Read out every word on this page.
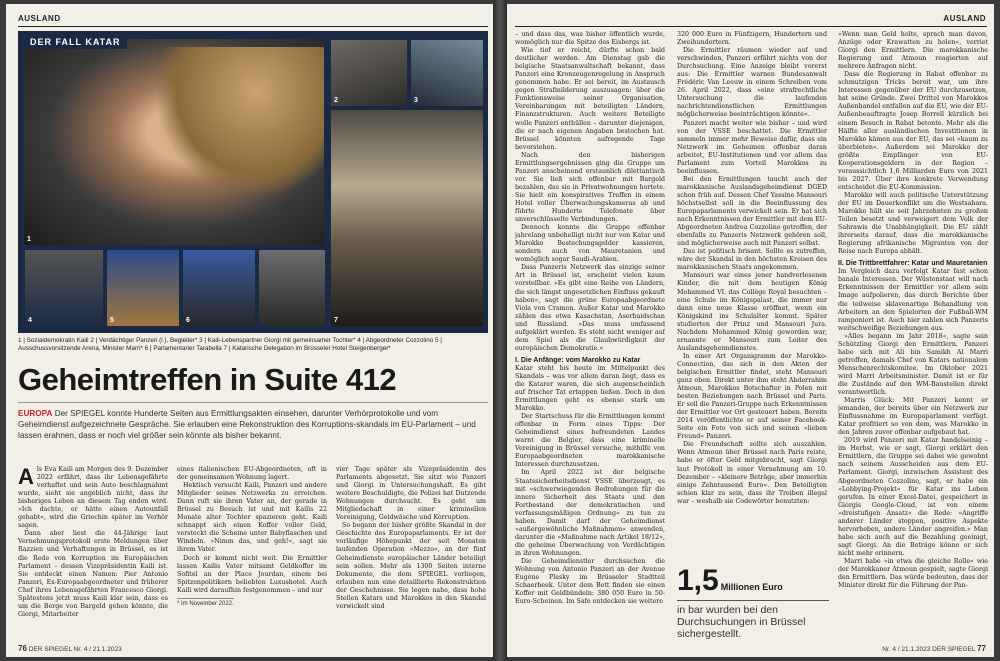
AUSLAND
1
DER FALL KATAR
2	3
7
4	5	6
1 | Sozialdemokratin Kaili 2 | Verdächtiger Panzeri (l.), Begleiter* 3 | Kaili-Lebenspartner Giorgi mit gemeinsamer Tochter* 4 | Abgeordneter Cozzolino 5 | Ausschussvorsitzende Arena, Minister Marri* 6 | Parlamentarier Tarabella 7 | Katarische Delegation im Brüsseler Hotel Steigenberger*
Geheimtreffen in Suite 412
EUROPA Der SPIEGEL konnte Hunderte Seiten aus Ermittlungsakten einsehen, darunter Verhörprotokolle und vom Geheimdienst aufgezeichnete Gespräche. Sie erlauben eine Rekonstruktion des Korruptions-skandals im EU-Parlament – und lassen erahnen, dass er noch viel größer sein könnte als bisher bekannt.

Als Eva Kaili am Morgen des 9. Dezember 2022 erfährt, dass ihr Lebensgefährte verhaftet und sein Auto beschlagnahmt wurde, sieht sie angeblich nicht, dass ihr bisheriges Leben an diesem Tag enden wird. »Ich dachte, er hätte einen Autounfall gehabt«, wird die Griechin später im Verhör sagen.

Dann aber liest die 44-Jährige laut Vernehmungsprotokoll erste Meldungen über Razzien und Verhaftungen in Brüssel, es ist die Rede von Korruption im Europäischen Parlament – dessen Vizepräsidentin Kaili ist. Sie entdeckt einen Namen: Pier Antonio Panzeri, Ex-Europaabgeordneter und früherer Chef ihres Lebensgefährten Francesco Giorgi. Spätestens jetzt muss Kaili klar sein, dass es um die Berge von Bargeld gehen könnte, die Giorgi, Mitarbeiter

eines italienischen EU-Abgeordneten, oft in der gemeinsamen Wohnung lagert.

Hektisch versucht Kaili, Panzeri und andere Mitglieder seines Netzwerks zu erreichen. Dann ruft sie ihren Vater an, der gerade in Brüssel zu Besuch ist und mit Kailis 22 Monate alter Tochter spazieren geht. Kaili schnappt sich einen Koffer voller Geld, versteckt die Scheine unter Babyflaschen und Windeln. »Nimm das, und geh!«, sagt sie ihrem Vater.

Doch er kommt nicht weit. Die Ermittler lassen Kailis Vater mitsamt Geldkoffer im Sofitel an der Place Jourdan, einem bei Spitzenpolitikern beliebten Luxushotel. Auch Kaili wird daraufhin festgenommen – und nur

* Im November 2022.

vier Tage später als Vizepräsidentin des Parlaments abgesetzt. Sie sitzt wie Panzeri und Giorgi in Untersuchungshaft. Es gibt weitere Beschuldigte, die Polizei hat Dutzende Wohnungen durchsucht. Es geht um Mitgliedschaft in einer kriminellen Vereinigung, Geldwäsche und Korruption.

So begann der bisher größte Skandal in der Geschichte des Europaparlaments. Er ist der vorläufige Höhepunkt der seit Monaten laufenden Operation »Mezzo«, an der fünf Geheimdienste europäischer Länder beteiligt sein sollen. Mehr als 1300 Seiten interne Dokumente, die dem SPIEGEL vorliegen, erlauben nun eine detaillierte Rekonstruktion der Geschehnisse. Sie legen nahe, dass hohe Stellen Katars und Marokkos in den Skandal verwickelt sind

76 DER SPIEGEL Nr. 4 / 21.1.2023
AUSLAND

– und dass das, was bisher öffentlich wurde, womöglich nur die Spitze des Eisbergs ist.

Wie tief er reicht, dürfte schon bald deutlicher werden. Am Dienstag gab die belgische Staatsanwaltschaft bekannt, dass Panzeri eine Kronzeugenregelung in Anspruch genommen habe. Er sei bereit, im Austausch gegen Strafmilderung auszusagen: über die Funktionsweise seiner Organisation, Vereinbarungen mit beteiligten Ländern, Finanzstrukturen. Auch weitere Beteiligte wolle Panzeri enthüllen – darunter diejenigen, die er nach eigenen Angaben bestochen hat. Brüssel könnten aufregende Tage bevorstehen.

Nach den bisherigen Ermittlungsergebnissen ging die Gruppe um Panzeri anscheinend erstaunlich dilettantisch vor. Sie ließ sich offenbar mit Bargeld bezahlen, das sie in Privatwohnungen hortete. Sie hielt ein konspiratives Treffen in einem Hotel voller Überwachungskameras ab und führte Hunderte Telefonate über unverschlüsselte Verbindungen.

Dennoch konnte die Gruppe offenbar jahrelang unbehelligt nicht nur von Katar und Marokko Bestechungsgelder kassieren, sondern auch von Mauretanien und womöglich sogar Saudi-Arabien.

Dass Panzeris Netzwerk das einzige seiner Art in Brüssel ist, erscheint vielen kaum vorstellbar. »Es gibt eine Reihe von Ländern, die sich längst ungesetzlichen Einfluss gekauft haben«, sagt die grüne Europaabgeordnete Viola von Cramon. Außer Katar und Marokko zählen das etwa Kasachstan, Aserbaidschan und Russland. »Das muss umfassend aufgeklärt werden. Es steht nicht weniger auf dem Spiel als die Glaubwürdigkeit der europäischen Demokratie.«

I. Die Anfänge: vom Marokko zu Katar

Katar steht bis heute im Mittelpunkt des Skandals – was vor allem daran liegt, dass es die Katarer waren, die sich augenscheinlich auf frischer Tat ertappen ließen. Doch in den Ermittlungen geht es ebenso stark um Marokko.

Der Startschuss für die Ermittlungen kommt offenbar in Form eines Tipps: Der Geheimdienst eines befreundeten Landes warnt die Belgier, dass eine kriminelle Vereinigung in Brüssel versuche, mithilfe von Europaabgeordneten marokkanische Interessen durchzusetzen.

Im April 2022 ist der belgische Staatssicherheitsdienst VSSE überzeugt, es mit »schwerwiegenden Bedrohungen für die innere Sicherheit des Staats und den Fortbestand der demokratischen und verfassungsmäßigen Ordnung« zu tun zu haben. Damit darf der Geheimdienst »außergewöhnliche Maßnahmen« anwenden, darunter die »Maßnahme nach Artikel 18/12«, die geheime Überwachung von Verdächtigen in ihren Wohnungen.

Die Geheimdienstler durchsuchen die Wohnung von Antonio Panzeri an der Avenue Eugène Plasky im Brüsseler Stadtteil Schaerbeek. Unter dem Bett finden sie einen Koffer mit Geldbündeln: 380 050 Euro in 50-Euro-Scheinen. Im Safe entdecken sie weitere

320 000 Euro in Fünfzigern, Hundertern und Zweihundertern.

Die Ermittler räumen wieder auf und verschwinden, Panzeri erfährt nichts von der Durchsuchung. Eine Anzeige bleibt vorerst aus: Die Ermittler warnen Bundesanwalt Frédéric Van Leeuw in einem Schreiben vom 26. April 2022, dass »eine strafrechtliche Untersuchung die laufenden nachrichtendienstlichen Ermittlungen möglicherweise beeinträchtigen könnte«.

Panzeri macht weiter wie bisher – und wird von der VSSE beschattet. Die Ermittler sammeln immer mehr Beweise dafür, dass ein Netzwerk im Geheimen offenbar daran arbeitet, EU-Institutionen und vor allem das Parlament zum Vorteil Marokkos zu beeinflussen.

Bei den Ermittlungen taucht auch der marokkanische Auslandsgeheimdienst DGED schon früh auf. Dessen Chef Yassine Mansouri höchstselbst soll in die Beeinflussung des Europaparlaments verwickelt sein. Er hat sich nach Erkenntnissen der Ermittler mit dem EU-Abgeordneten Andrea Cozzolino getroffen, der ebenfalls zu Panzeris Netzwerk gehören soll, und möglicherweise auch mit Panzeri selbst.

Das ist politisch brisant. Sollte es zutreffen, wäre der Skandal in den höchsten Kreisen des marokkanischen Staats angekommen.

Mansouri war eines jener handverlesenen Kinder, die mit dem heutigen König Mohammed VI. das Collège Royal besuchten – eine Schule im Königspalast, die immer nur dann eine neue Klasse eröffnet, wenn ein Königskind ins Schulalter kommt. Später studierten der Prinz und Mansouri Jura. Nachdem Mohammed König geworden war, ernannte er Mansouri zum Leiter des Auslandsgeheimdienstes.

In einer Art Organigramm der Marokko-Connection, das sich in den Akten der belgischen Ermittler findet, steht Mansouri ganz oben. Direkt unter ihm steht Abderrahim Atmoun, Marokkos Botschafter in Polen mit besten Beziehungen nach Brüssel und Paris. Er soll die Panzeri-Gruppe nach Erkenntnissen der Ermittler vor Ort gesteuert haben. Bereits 2014 veröffentlichte er auf seiner Facebook-Seite ein Foto von sich und seinen »lieben Freund« Panzeri.

Die Freundschaft sollte sich auszahlen. Wenn Atmoun über Brüssel nach Paris reiste, habe er öfter Geld mitgebracht, sagt Giorgi laut Protokoll in einer Vernehmung am 10. Dezember – »kleinere Beträge, aber immerhin einige Zehntausend Euro«. Den Beteiligten schien klar zu sein, dass ihr Treiben illegal war – weshalb sie Codewörter benutzten:

1,5 Millionen Euro
in bar wurden bei den Durchsuchungen in Brüssel sichergestellt.

»Wenn man Geld holte, sprach man davon, Anzüge oder Krawatten zu holen«, verriet Giorgi den Ermittlern. Die marokkanische Regierung und Atmoun reagierten auf mehrere Anfragen nicht.

Dass die Regierung in Rabat offenbar zu schmutzigen Tricks bereit war, um ihre Interessen gegenüber der EU durchzusetzen, hat seine Gründe. Zwei Drittel von Marokkos Außenhandel entfallen auf die EU, wie der EU-Außenbeauftragte Josep Borrell kürzlich bei einem Besuch in Rabat betonte. Mehr als die Hälfte aller ausländischen Investitionen in Marokko kämen aus der EU, das sei »kaum zu überbieten«. Außerdem sei Marokko der größte Empfänger von EU-Kooperationsgeldern in der Region – voraussichtlich 1,6 Milliarden Euro von 2021 bis 2027. Über ihre konkrete Verwendung entscheidet die EU-Kommission.

Marokko will auch politische Unterstützung der EU im Dauerkonflikt um die Westsahara. Marokko hält sie seit Jahrzehnten zu großen Teilen besetzt und verweigert dem Volk der Sahrawis die Unabhängigkeit. Die EU zählt ihrerseits darauf, dass die marokkanische Regierung afrikanische Migranten von der Reise nach Europa abhält.

II. Die Trittbrettfahrer: Katar und Mauretanien

Im Vergleich dazu verfolgt Katar fast schon banale Interessen. Der Wüstenstaat will nach Erkenntnissen der Ermittler vor allem sein Image aufpolieren, das durch Berichte über die teilweise sklavenartige Behandlung von Arbeitern an den Spielorten der Fußball-WM ramponiert ist. Auch hier zahlen sich Panzeris weitschweifige Beziehungen aus.

»Alles begann im Jahr 2018«, sagte sein Schützling Giorgi den Ermittlern. Panzeri habe sich mit Ali bin Samikh Al Marri getroffen, damals Chef von Katars nationalem Menschenrechtskomitee. Im Oktober 2021 wird Marri Arbeitsminister. Damit ist er für die Zustände auf den WM-Baustellen direkt verantwortlich.

Marris Glück: Mit Panzeri kennt er jemanden, der bereits über ein Netzwerk zur Einflussnahme im Europaparlament verfügt. Katar profitiert so von dem, was Marokko in den Jahren zuvor offenbar aufgebaut hat.

2019 wird Panzeri mit Katar handelseinig – im Herbst, wie er sagt, Giorgi erklärt den Ermittlern, die Gruppe sei dabei wie gewohnt nach seinem Ausscheiden aus dem EU-Parlament. Giorgi, inzwischen Assistent des Abgeordneten Cozzolino, sagt, er habe ein »Lobbying-Projekt« für Katar ins Leben gerufen. In einer Excel-Datei, gespeichert in Giorgis Google-Cloud, ist von einem »dreistufigen Ansatz« die Rede: »Angriffe anderer Länder stoppen, positive Aspekte hervorheben, andere Länder angreifen.« Man habe sich auch auf die Bezahlung geeinigt, sagt Giorgi. An die Beträge könne er sich nicht mehr erinnern.

Marri habe »in etwa die gleiche Rolle« wie der Marokkaner Atmoun gespielt, sagte Giorgi den Ermittlern. Das würde bedeuten, dass der Minister direkt für die Führung der Pan-

Nr. 4 / 21.1.2023 DER SPIEGEL 77
